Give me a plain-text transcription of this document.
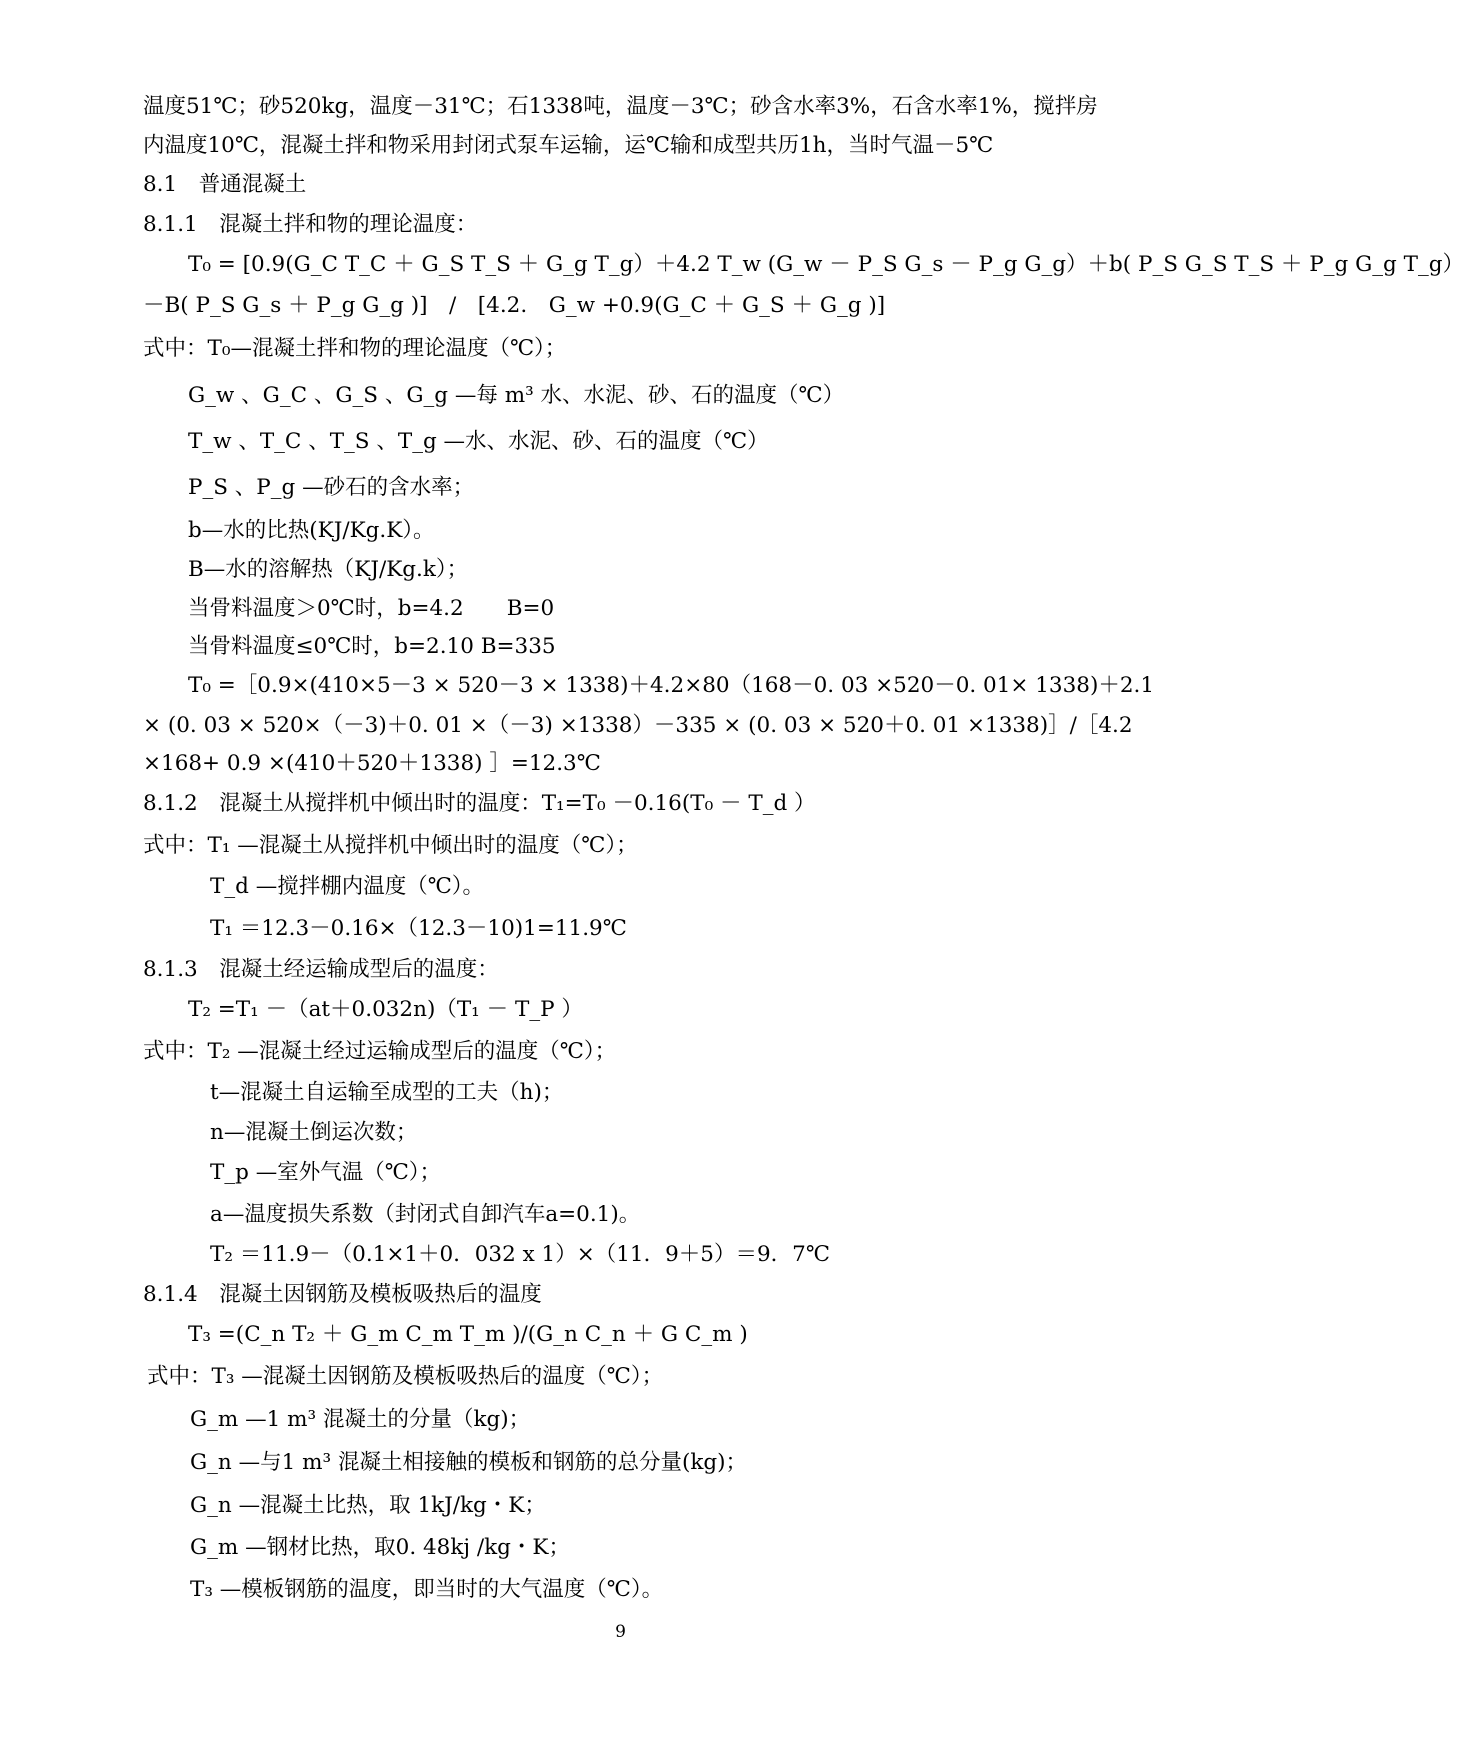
温度51℃；砂520kg，温度－31℃；石1338吨，温度－3℃；砂含水率3%，石含水率1%，搅拌房
内温度10℃，混凝土拌和物采用封闭式泵车运输，运℃输和成型共历1h，当时气温－5℃
8.1　普通混凝土
8.1.1　混凝土拌和物的理论温度：
T₀ = [0.9(G_C T_C ＋ G_S T_S ＋ G_g T_g）＋4.2 T_w (G_w － P_S G_s － P_g G_g）＋b( P_S G_S T_S ＋ P_g G_g T_g）
－B( P_S G_s ＋ P_g G_g )]　/　[4.2.　G_w +0.9(G_C ＋ G_S ＋ G_g )]
式中：T₀—混凝土拌和物的理论温度（℃）；
G_w 、G_C 、G_S 、G_g —每 m³ 水、水泥、砂、石的温度（℃）
T_w 、T_C 、T_S 、T_g —水、水泥、砂、石的温度（℃）
P_S 、P_g —砂石的含水率；
b—水的比热(KJ/Kg.K）。
B—水的溶解热（KJ/Kg.k）；
当骨料温度＞0℃时，b=4.2　　B=0
当骨料温度≤0℃时，b=2.10 B=335
T₀ =［0.9×(410×5－3 × 520－3 × 1338)＋4.2×80（168－0. 03 ×520－0. 01× 1338)＋2.1
× (0. 03 × 520×（－3)＋0. 01 ×（－3) ×1338）－335 × (0. 03 × 520＋0. 01 ×1338)］/［4.2
×168+ 0.9 ×(410＋520＋1338) ］=12.3℃
8.1.2　混凝土从搅拌机中倾出时的温度：T₁=T₀ －0.16(T₀ － T_d ）
式中：T₁ —混凝土从搅拌机中倾出时的温度（℃）；
T_d —搅拌棚内温度（℃）。
T₁ ＝12.3－0.16×（12.3－10)1=11.9℃
8.1.3　混凝土经运输成型后的温度：
T₂ =T₁ －（at＋0.032n)（T₁ － T_P ）
式中：T₂ —混凝土经过运输成型后的温度（℃）；
t—混凝土自运输至成型的工夫（h)；
n—混凝土倒运次数；
T_p —室外气温（℃）；
a—温度损失系数（封闭式自卸汽车a=0.1)。
T₂ ＝11.9－（0.1×1＋0．032 x 1）×（11．9＋5）＝9．7℃
8.1.4　混凝土因钢筋及模板吸热后的温度
T₃ =(C_n T₂ ＋ G_m C_m T_m )/(G_n C_n ＋ G C_m )
式中：T₃ —混凝土因钢筋及模板吸热后的温度（℃）；
G_m —1 m³ 混凝土的分量（kg)；
G_n —与1 m³ 混凝土相接触的模板和钢筋的总分量(kg)；
G_n —混凝土比热，取 1kJ/kg・K；
G_m —钢材比热，取0. 48kj /kg・K；
T₃ —模板钢筋的温度，即当时的大气温度（℃）。
9
